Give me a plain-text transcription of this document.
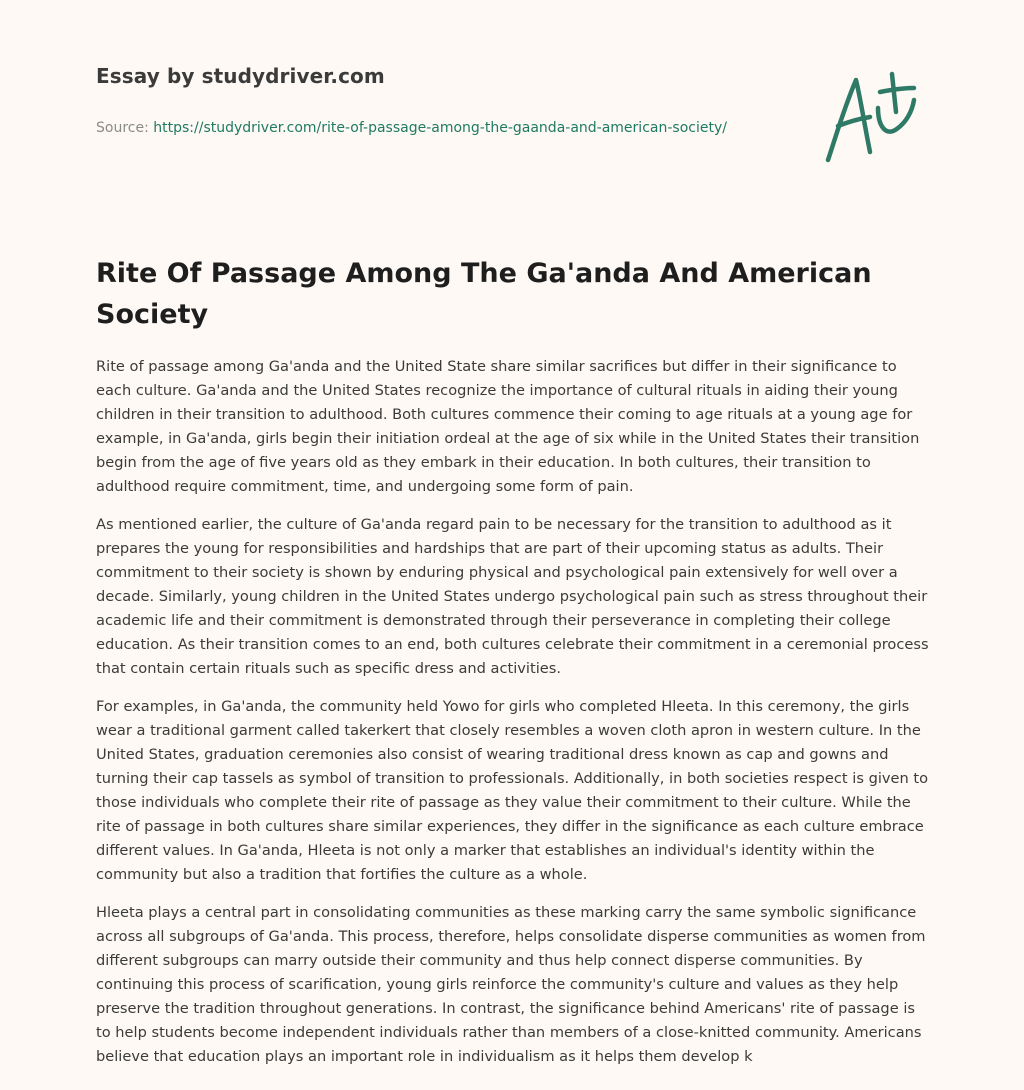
Essay by studydriver.com
Source: https://studydriver.com/rite-of-passage-among-the-gaanda-and-american-society/
Rite Of Passage Among The Ga'anda And American Society

Rite of passage among Ga'anda and the United State share similar sacrifices but differ in their significance to each culture. Ga'anda and the United States recognize the importance of cultural rituals in aiding their young children in their transition to adulthood. Both cultures commence their coming to age rituals at a young age for example, in Ga'anda, girls begin their initiation ordeal at the age of six while in the United States their transition begin from the age of five years old as they embark in their education. In both cultures, their transition to adulthood require commitment, time, and undergoing some form of pain.

As mentioned earlier, the culture of Ga'anda regard pain to be necessary for the transition to adulthood as it prepares the young for responsibilities and hardships that are part of their upcoming status as adults. Their commitment to their society is shown by enduring physical and psychological pain extensively for well over a decade. Similarly, young children in the United States undergo psychological pain such as stress throughout their academic life and their commitment is demonstrated through their perseverance in completing their college education. As their transition comes to an end, both cultures celebrate their commitment in a ceremonial process that contain certain rituals such as specific dress and activities.

For examples, in Ga'anda, the community held Yowo for girls who completed Hleeta. In this ceremony, the girls wear a traditional garment called takerkert that closely resembles a woven cloth apron in western culture. In the United States, graduation ceremonies also consist of wearing traditional dress known as cap and gowns and turning their cap tassels as symbol of transition to professionals. Additionally, in both societies respect is given to those individuals who complete their rite of passage as they value their commitment to their culture. While the rite of passage in both cultures share similar experiences, they differ in the significance as each culture embrace different values. In Ga'anda, Hleeta is not only a marker that establishes an individual's identity within the community but also a tradition that fortifies the culture as a whole.

Hleeta plays a central part in consolidating communities as these marking carry the same symbolic significance across all subgroups of Ga'anda. This process, therefore, helps consolidate disperse communities as women from different subgroups can marry outside their community and thus help connect disperse communities. By continuing this process of scarification, young girls reinforce the community's culture and values as they help preserve the tradition throughout generations. In contrast, the significance behind Americans' rite of passage is to help students become independent individuals rather than members of a close-knitted community. Americans believe that education plays an important role in individualism as it helps them develop k
